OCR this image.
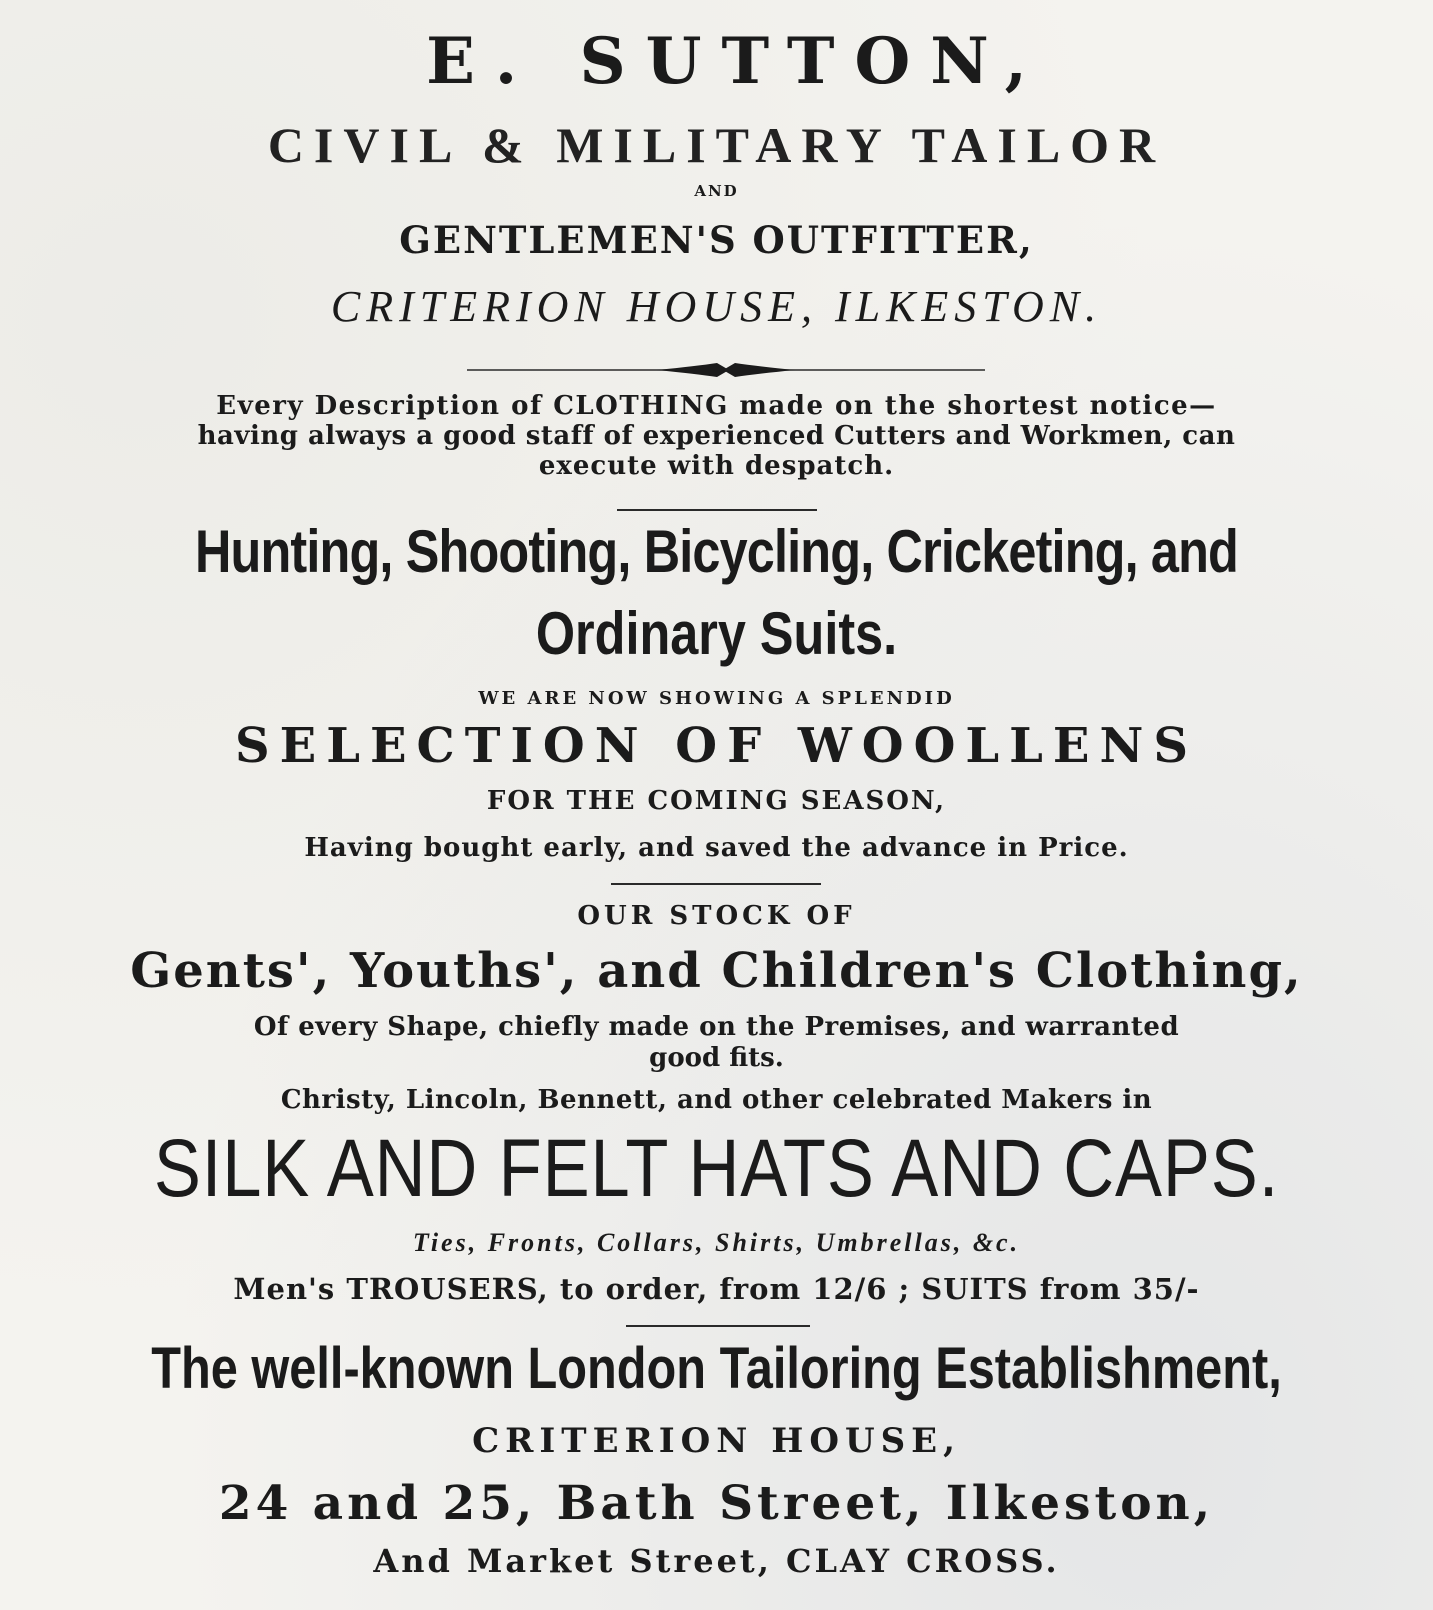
E. SUTTON,
CIVIL & MILITARY TAILOR
AND
GENTLEMEN'S OUTFITTER,
CRITERION HOUSE, ILKESTON.
Every Description of CLOTHING made on the shortest notice—
having always a good staff of experienced Cutters and Workmen, can
execute with despatch.
Hunting, Shooting, Bicycling, Cricketing, and
Ordinary Suits.
WE ARE NOW SHOWING A SPLENDID
SELECTION OF WOOLLENS
FOR THE COMING SEASON,
Having bought early, and saved the advance in Price.
OUR STOCK OF
Gents', Youths', and Children's Clothing,
Of every Shape, chiefly made on the Premises, and warranted
good fits.
Christy, Lincoln, Bennett, and other celebrated Makers in
SILK AND FELT HATS AND CAPS.
Ties, Fronts, Collars, Shirts, Umbrellas, &c.
Men's TROUSERS, to order, from 12/6 ; SUITS from 35/-
The well-known London Tailoring Establishment,
CRITERION HOUSE,
24 and 25, Bath Street, Ilkeston,
And Market Street, CLAY CROSS.
